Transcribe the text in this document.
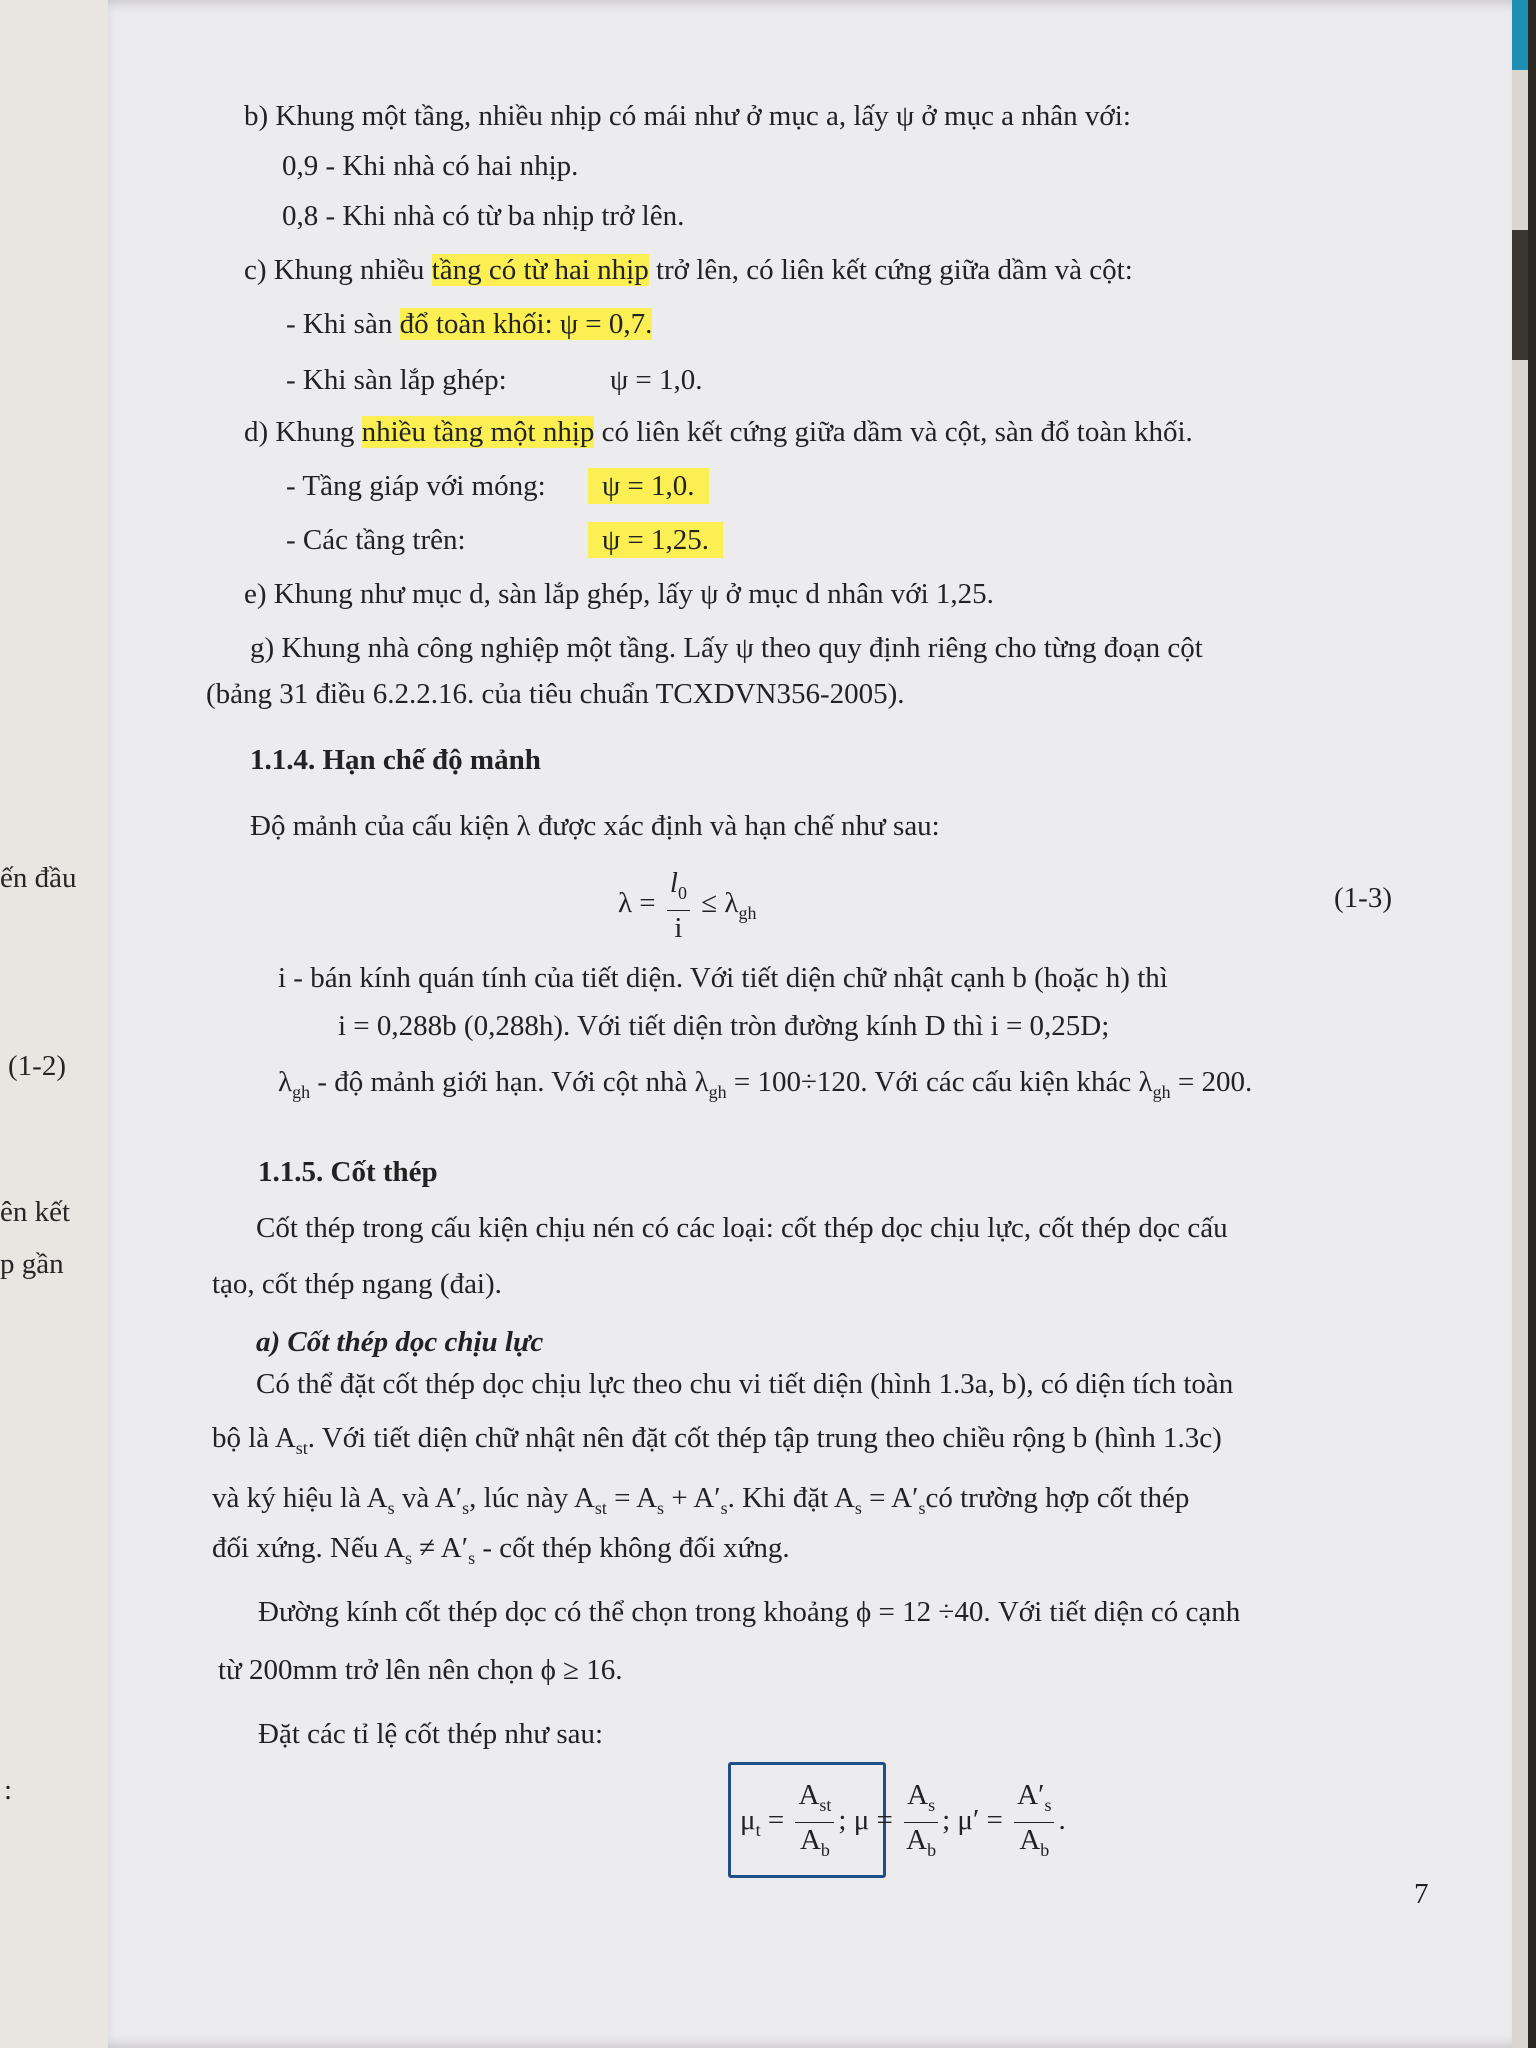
ến đầu
(1-2)
ên kết
p gần
:
b) Khung một tầng, nhiều nhịp có mái như ở mục a, lấy ψ ở mục a nhân với:
0,9 - Khi nhà có hai nhịp.
0,8 - Khi nhà có từ ba nhịp trở lên.
c) Khung nhiều tầng có từ hai nhịp trở lên, có liên kết cứng giữa dầm và cột:
- Khi sàn đổ toàn khối: ψ = 0,7.
- Khi sàn lắp ghép:	ψ = 1,0.
d) Khung nhiều tầng một nhịp có liên kết cứng giữa dầm và cột, sàn đổ toàn khối.
- Tầng giáp với móng:	ψ = 1,0.
- Các tầng trên:	ψ = 1,25.
e) Khung như mục d, sàn lắp ghép, lấy ψ ở mục d nhân với 1,25.
g) Khung nhà công nghiệp một tầng. Lấy ψ theo quy định riêng cho từng đoạn cột
(bảng 31 điều 6.2.2.16. của tiêu chuẩn TCXDVN356-2005).
1.1.4. Hạn chế độ mảnh
Độ mảnh của cấu kiện λ được xác định và hạn chế như sau:
$\lambda = \frac{l_0}{i} \le \lambda_{gh}$	(1-3)
i - bán kính quán tính của tiết diện. Với tiết diện chữ nhật cạnh b (hoặc h) thì
i = 0,288b (0,288h). Với tiết diện tròn đường kính D thì i = 0,25D;
$\lambda_{gh}$ - độ mảnh giới hạn. Với cột nhà $\lambda_{gh} = 100\div 120$. Với các cấu kiện khác $\lambda_{gh} = 200$.
1.1.5. Cốt thép
Cốt thép trong cấu kiện chịu nén có các loại: cốt thép dọc chịu lực, cốt thép dọc cấu
tạo, cốt thép ngang (đai).
a) Cốt thép dọc chịu lực
Có thể đặt cốt thép dọc chịu lực theo chu vi tiết diện (hình 1.3a, b), có diện tích toàn
bộ là $A_{st}$. Với tiết diện chữ nhật nên đặt cốt thép tập trung theo chiều rộng b (hình 1.3c)
và ký hiệu là $A_s$ và $A'_s$, lúc này $A_{st} = A_s + A'_s$. Khi đặt $A_s$ = $A'_scó$ trường hợp cốt thép
đối xứng. Nếu $A_s \ne A'_s$ - cốt thép không đối xứng.
Đường kính cốt thép dọc có thể chọn trong khoảng ϕ = 12 ÷40. Với tiết diện có cạnh
từ 200mm trở lên nên chọn ϕ ≥ 16.
Đặt các tỉ lệ cốt thép như sau:
$\mu_t = \frac{A_{st}}{A_b}$ ; $\mu = \frac{A_s}{A_b}$ ; $\mu' = \frac{A'_s}{A_b}$ .
7
